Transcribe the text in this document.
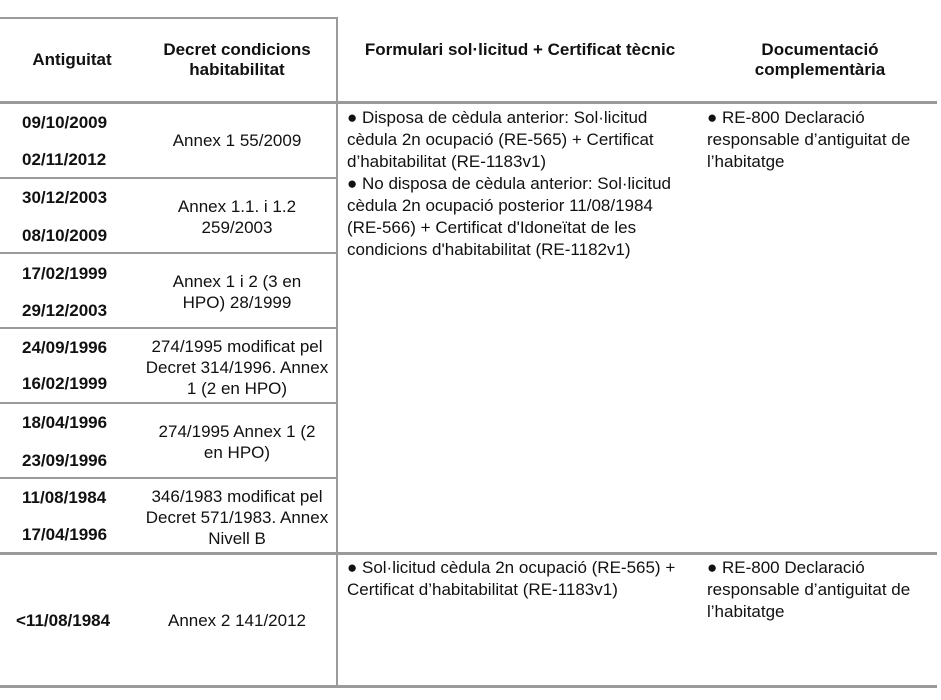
Antiguitat
Decret condicions habitabilitat
Formulari sol·licitud + Certificat tècnic	Documentació complementària
09/10/2009
02/11/2012
Annex 1 55/2009
30/12/2003
08/10/2009
Annex 1.1. i 1.2 259/2003
17/02/1999
29/12/2003
Annex 1 i 2 (3 en HPO) 28/1999
24/09/1996
16/02/1999
274/1995 modificat pel Decret 314/1996. Annex 1 (2 en HPO)
18/04/1996
23/09/1996
274/1995 Annex 1 (2 en HPO)
11/08/1984
17/04/1996
346/1983 modificat pel Decret 571/1983. Annex Nivell B
● Disposa de cèdula anterior: Sol·licitud cèdula 2n ocupació (RE-565) + Certificat d’habitabilitat (RE-1183v1)
● No disposa de cèdula anterior: Sol·licitud cèdula 2n ocupació posterior 11/08/1984 (RE-566) + Certificat d'Idoneïtat de les condicions d'habitabilitat (RE-1182v1)
● RE-800 Declaració responsable d’antiguitat de l’habitatge
<11/08/1984	Annex 2 141/2012
● Sol·licitud cèdula 2n ocupació (RE-565) + Certificat d’habitabilitat (RE-1183v1)
● RE-800 Declaració responsable d’antiguitat de l’habitatge
